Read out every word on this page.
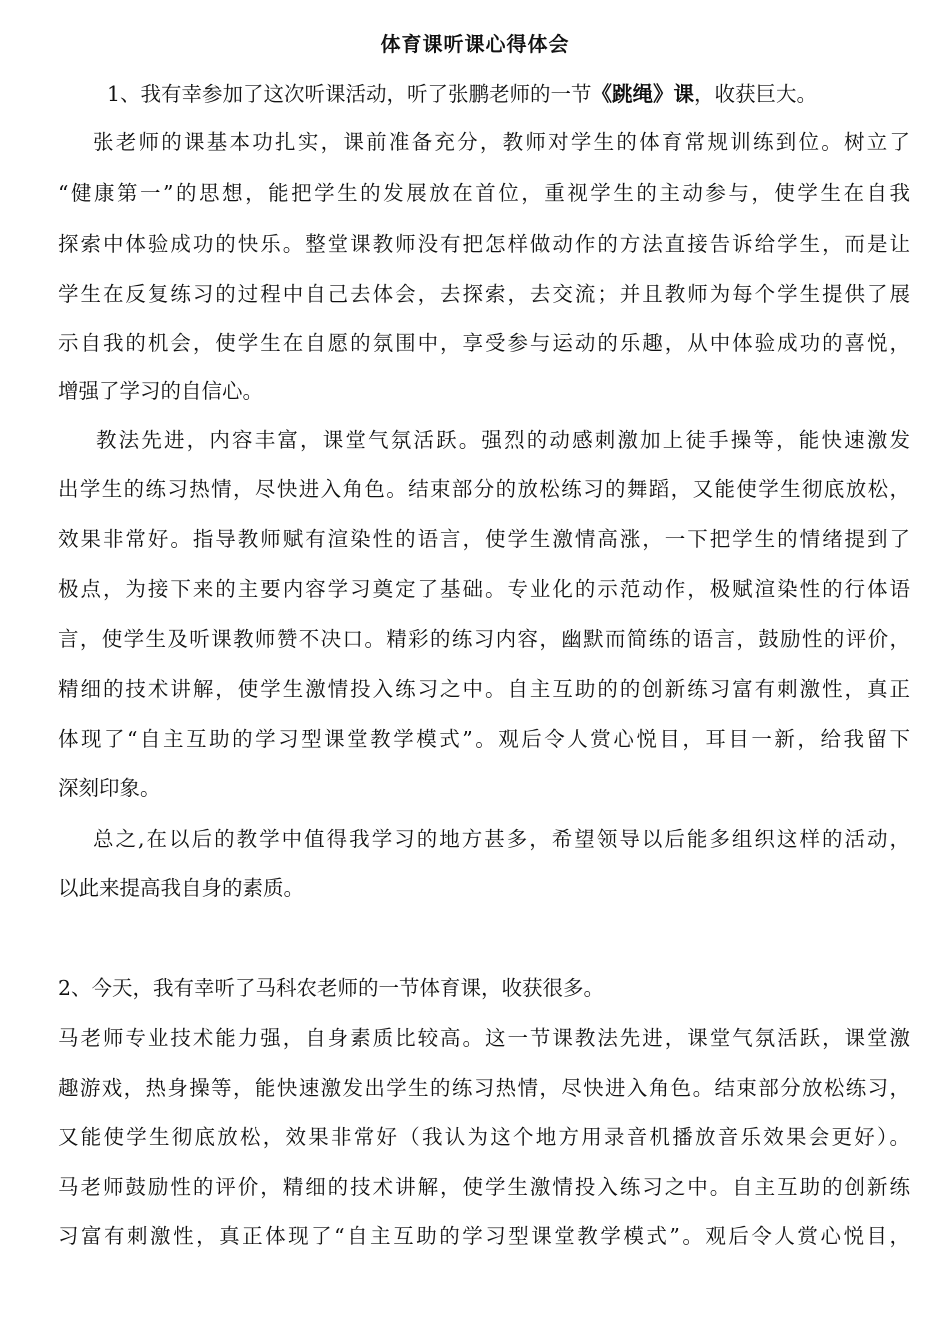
体育课听课心得体会
1、我有幸参加了这次听课活动，听了张鹏老师的一节《跳绳》课，收获巨大。
张老师的课基本功扎实，课前准备充分，教师对学生的体育常规训练到位。树立了
“健康第一”的思想，能把学生的发展放在首位，重视学生的主动参与，使学生在自我
探索中体验成功的快乐。整堂课教师没有把怎样做动作的方法直接告诉给学生，而是让
学生在反复练习的过程中自己去体会，去探索，去交流；并且教师为每个学生提供了展
示自我的机会，使学生在自愿的氛围中，享受参与运动的乐趣，从中体验成功的喜悦，
增强了学习的自信心。
教法先进，内容丰富，课堂气氛活跃。强烈的动感刺激加上徒手操等，能快速激发
出学生的练习热情，尽快进入角色。结束部分的放松练习的舞蹈，又能使学生彻底放松，
效果非常好。指导教师赋有渲染性的语言，使学生激情高涨，一下把学生的情绪提到了
极点，为接下来的主要内容学习奠定了基础。专业化的示范动作，极赋渲染性的行体语
言，使学生及听课教师赞不决口。精彩的练习内容，幽默而简练的语言，鼓励性的评价，
精细的技术讲解，使学生激情投入练习之中。自主互助的的创新练习富有刺激性，真正
体现了“自主互助的学习型课堂教学模式”。观后令人赏心悦目，耳目一新，给我留下
深刻印象。
总之,在以后的教学中值得我学习的地方甚多，希望领导以后能多组织这样的活动，
以此来提高我自身的素质。
2、今天，我有幸听了马科农老师的一节体育课，收获很多。
马老师专业技术能力强，自身素质比较高。这一节课教法先进，课堂气氛活跃，课堂激
趣游戏，热身操等，能快速激发出学生的练习热情，尽快进入角色。结束部分放松练习，
又能使学生彻底放松，效果非常好（我认为这个地方用录音机播放音乐效果会更好）。
马老师鼓励性的评价，精细的技术讲解，使学生激情投入练习之中。自主互助的创新练
习富有刺激性，真正体现了“自主互助的学习型课堂教学模式”。观后令人赏心悦目，
